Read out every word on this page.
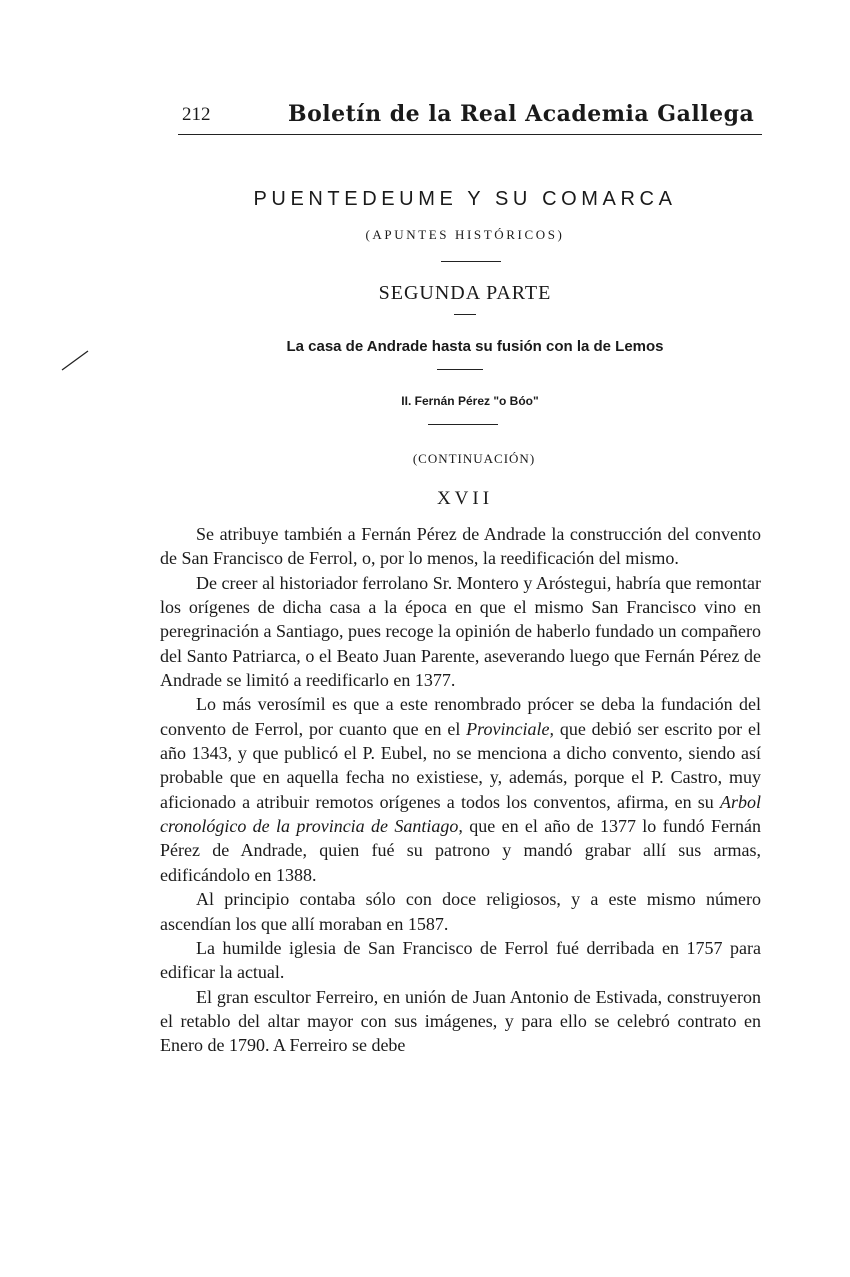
212	Boletín de la Real Academia Gallega
PUENTEDEUME Y SU COMARCA
(APUNTES HISTÓRICOS)
SEGUNDA PARTE
La casa de Andrade hasta su fusión con la de Lemos
II. Fernán Pérez "o Bóo"
(CONTINUACIÓN)
XVII

Se atribuye también a Fernán Pérez de Andrade la construcción del convento de San Francisco de Ferrol, o, por lo menos, la reedificación del mismo.

De creer al historiador ferrolano Sr. Montero y Aróstegui, habría que remontar los orígenes de dicha casa a la época en que el mismo San Francisco vino en peregrinación a Santiago, pues recoge la opinión de haberlo fundado un compañero del Santo Patriarca, o el Beato Juan Parente, aseverando luego que Fernán Pérez de Andrade se limitó a reedificarlo en 1377.

Lo más verosímil es que a este renombrado prócer se deba la fundación del convento de Ferrol, por cuanto que en el Provinciale, que debió ser escrito por el año 1343, y que publicó el P. Eubel, no se menciona a dicho convento, siendo así probable que en aquella fecha no existiese, y, además, porque el P. Castro, muy aficionado a atribuir remotos orígenes a todos los conventos, afirma, en su Arbol cronológico de la provincia de Santiago, que en el año de 1377 lo fundó Fernán Pérez de Andrade, quien fué su patrono y mandó grabar allí sus armas, edificándolo en 1388.

Al principio contaba sólo con doce religiosos, y a este mismo número ascendían los que allí moraban en 1587.

La humilde iglesia de San Francisco de Ferrol fué derribada en 1757 para edificar la actual.

El gran escultor Ferreiro, en unión de Juan Antonio de Estivada, construyeron el retablo del altar mayor con sus imágenes, y para ello se celebró contrato en Enero de 1790. A Ferreiro se debe
